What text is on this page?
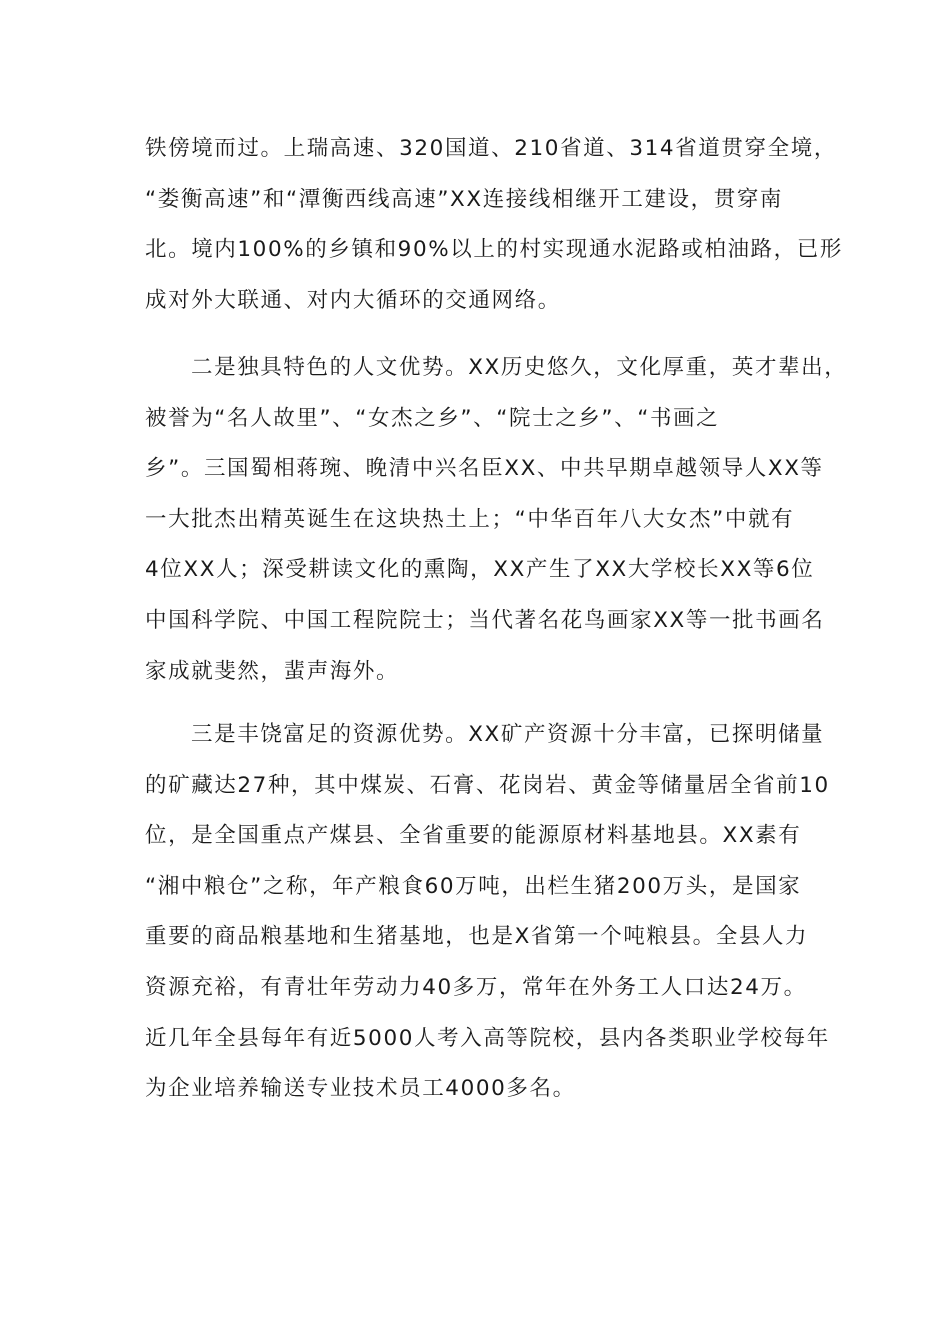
铁傍境而过。上瑞高速、320国道、210省道、314省道贯穿全境，
“娄衡高速”和“潭衡西线高速”XX连接线相继开工建设，贯穿南
北。境内100%的乡镇和90%以上的村实现通水泥路或柏油路，已形
成对外大联通、对内大循环的交通网络。
二是独具特色的人文优势。XX历史悠久，文化厚重，英才辈出，
被誉为“名人故里”、“女杰之乡”、“院士之乡”、“书画之
乡”。三国蜀相蒋琬、晚清中兴名臣XX、中共早期卓越领导人XX等
一大批杰出精英诞生在这块热土上；“中华百年八大女杰”中就有
4位XX人；深受耕读文化的熏陶，XX产生了XX大学校长XX等6位
中国科学院、中国工程院院士；当代著名花鸟画家XX等一批书画名
家成就斐然，蜚声海外。
三是丰饶富足的资源优势。XX矿产资源十分丰富，已探明储量
的矿藏达27种，其中煤炭、石膏、花岗岩、黄金等储量居全省前10
位，是全国重点产煤县、全省重要的能源原材料基地县。XX素有
“湘中粮仓”之称，年产粮食60万吨，出栏生猪200万头，是国家
重要的商品粮基地和生猪基地，也是X省第一个吨粮县。全县人力
资源充裕，有青壮年劳动力40多万，常年在外务工人口达24万。
近几年全县每年有近5000人考入高等院校，县内各类职业学校每年
为企业培养输送专业技术员工4000多名。
